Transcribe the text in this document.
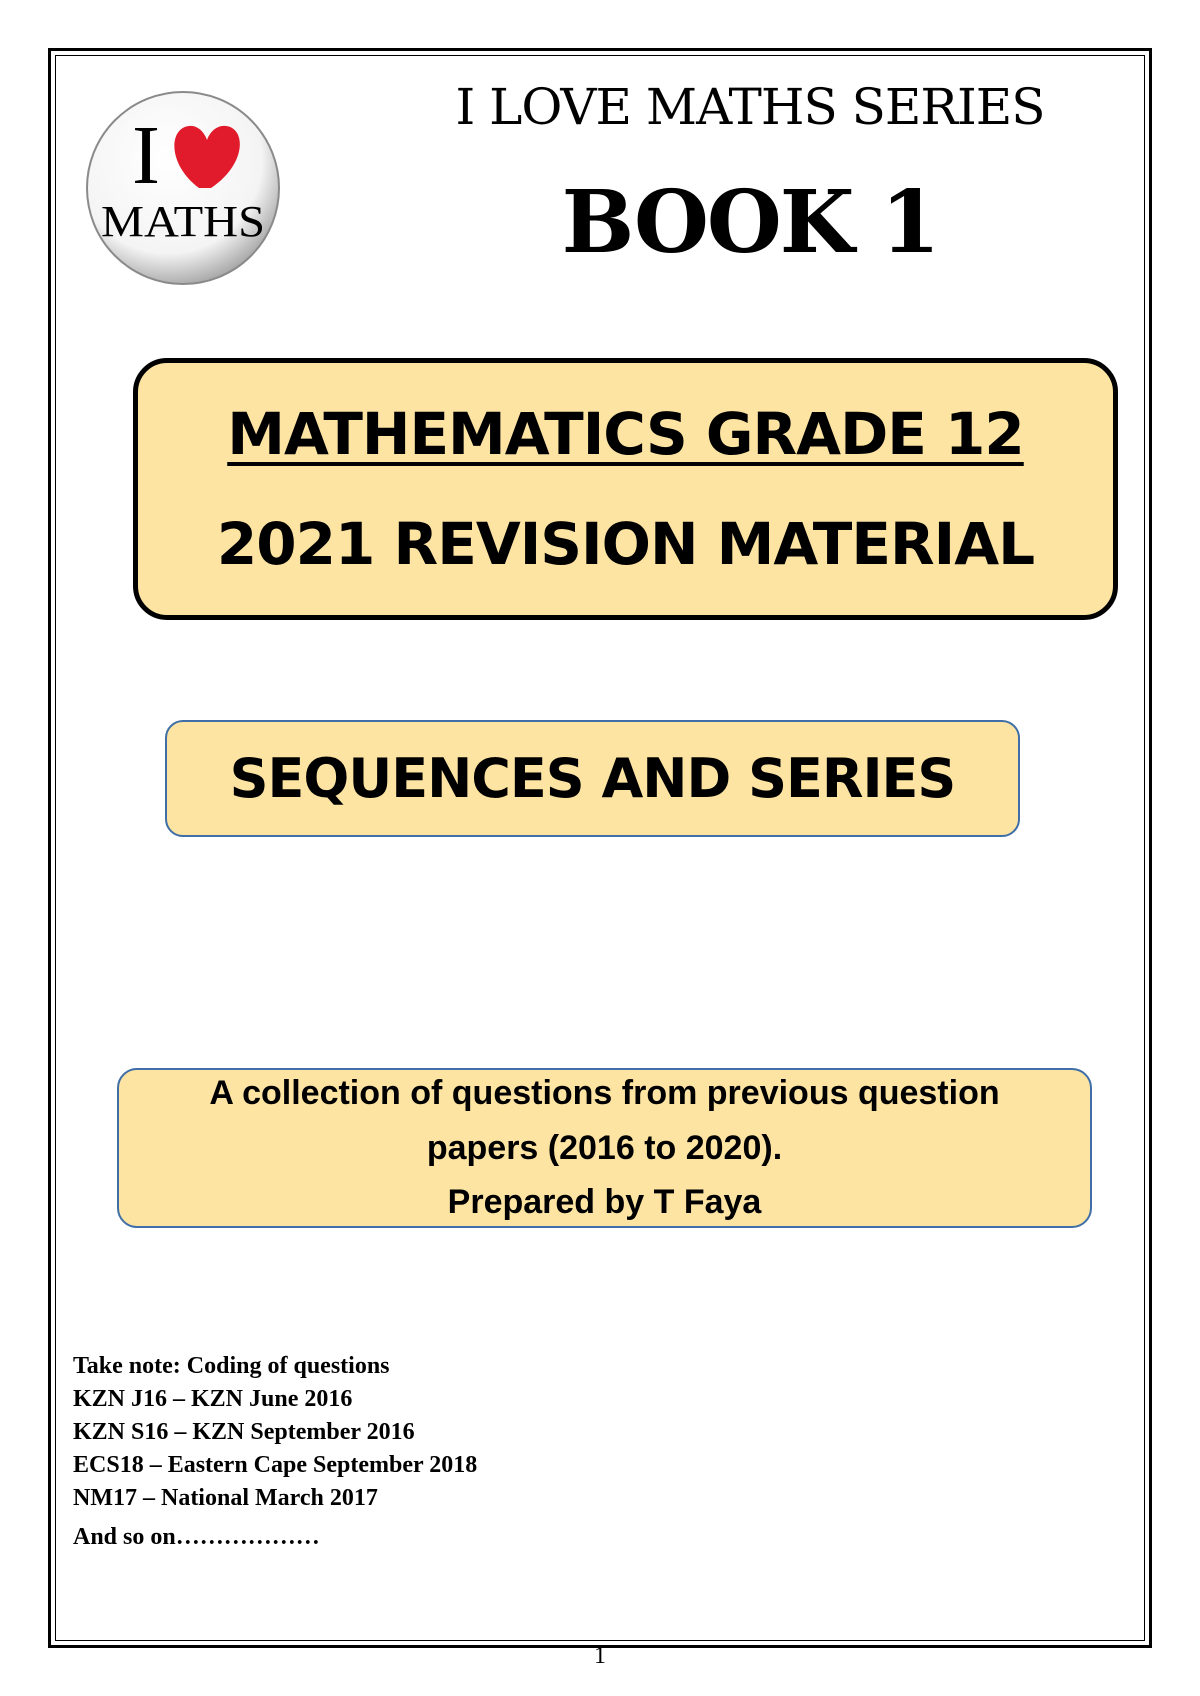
I
MATHS
I LOVE MATHS SERIES
BOOK 1
MATHEMATICS GRADE 12
2021 REVISION MATERIAL
SEQUENCES AND SERIES
A collection of questions from previous question
papers (2016 to 2020).
Prepared by T Faya
Take note: Coding of questions
KZN J16 – KZN June 2016
KZN S16 – KZN September 2016
ECS18 – Eastern Cape September 2018
NM17 – National March 2017
And so on………………
1
